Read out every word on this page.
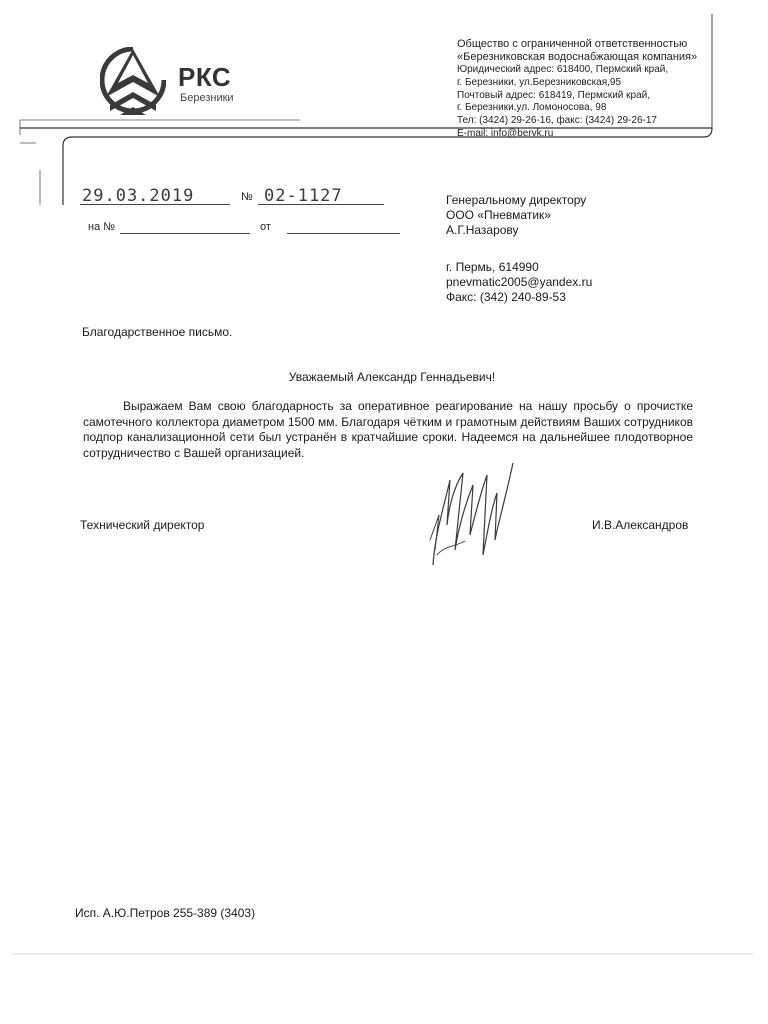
РКС
Березники
Общество с ограниченной ответственностью
«Березниковская водоснабжающая компания»
Юридический адрес: 618400, Пермский край,
г. Березники, ул.Березниковская,95
Почтовый адрес: 618419, Пермский край,
г. Березники,ул. Ломоносова, 98
Тел: (3424) 29-26-16, факс: (3424) 29-26-17
E-mail: info@bervk.ru
29.03.2019	№ 02-1127
на №	от
Генеральному директору
ООО «Пневматик»
А.Г.Назарову
г. Пермь, 614990
pnevmatic2005@yandex.ru
Факс: (342) 240-89-53
Благодарственное письмо.
Уважаемый Александр Геннадьевич!
Выражаем Вам свою благодарность за оперативное реагирование на нашу просьбу о прочистке самотечного коллектора диаметром 1500 мм. Благодаря чётким и грамотным действиям Ваших сотрудников подпор канализационной сети был устранён в кратчайшие сроки. Надеемся на дальнейшее плодотворное сотрудничество с Вашей организацией.
Технический директор	И.В.Александров
Исп. А.Ю.Петров 255-389 (3403)
